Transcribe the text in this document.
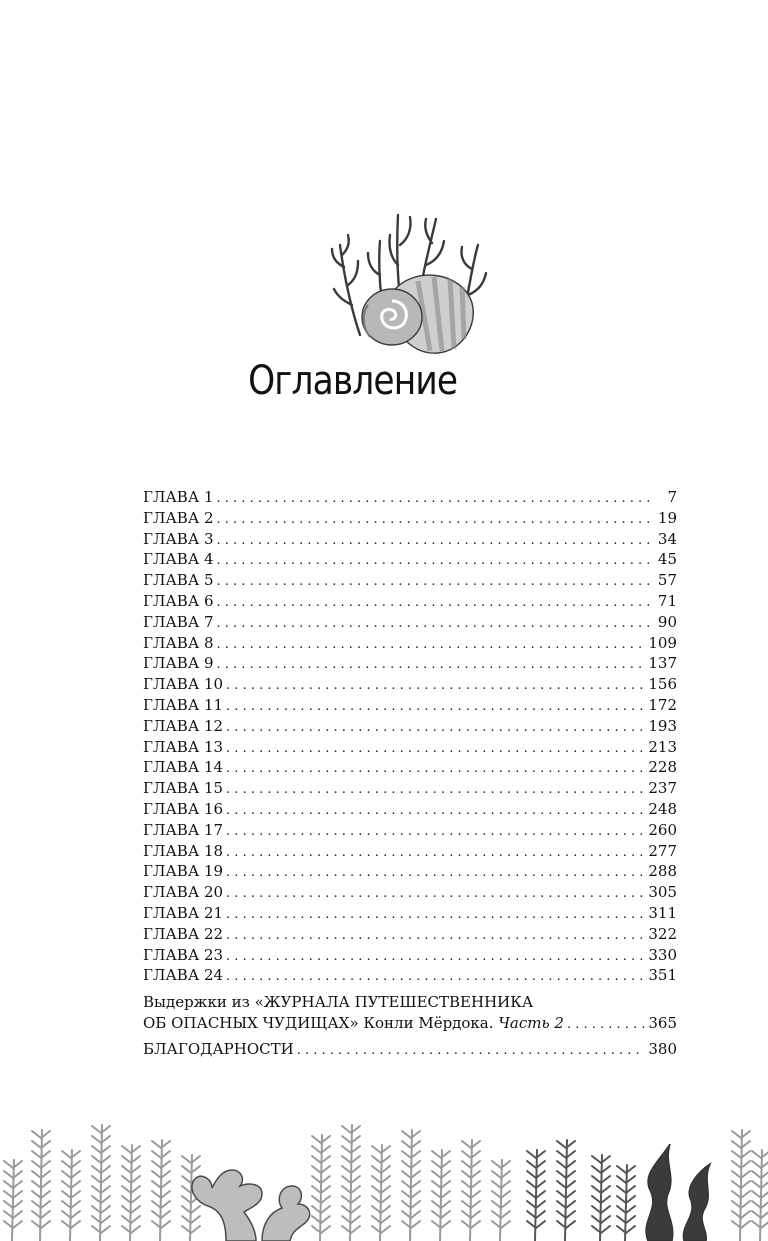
Оглавление
ГЛАВА 1 . . .	7
ГЛАВА 2 . . .	19
ГЛАВА 3 . . .	34
ГЛАВА 4 . . .	45
ГЛАВА 5 . . .	57
ГЛАВА 6 . . .	71
ГЛАВА 7 . . .	90
ГЛАВА 8 . . .	109
ГЛАВА 9 . . .	137
ГЛАВА 10 . . .	156
ГЛАВА 11 . . .	172
ГЛАВА 12 . . .	193
ГЛАВА 13 . . .	213
ГЛАВА 14 . . .	228
ГЛАВА 15 . . .	237
ГЛАВА 16 . . .	248
ГЛАВА 17 . . .	260
ГЛАВА 18 . . .	277
ГЛАВА 19 . . .	288
ГЛАВА 20 . . .	305
ГЛАВА 21 . . .	311
ГЛАВА 22 . . .	322
ГЛАВА 23 . . .	330
ГЛАВА 24 . . .	351
Выдержки из «ЖУРНАЛА ПУТЕШЕСТВЕННИКА
ОБ ОПАСНЫХ ЧУДИЩАХ» Конли Мёрдока. Часть 2 . . .	365
БЛАГОДАРНОСТИ . . .	380
